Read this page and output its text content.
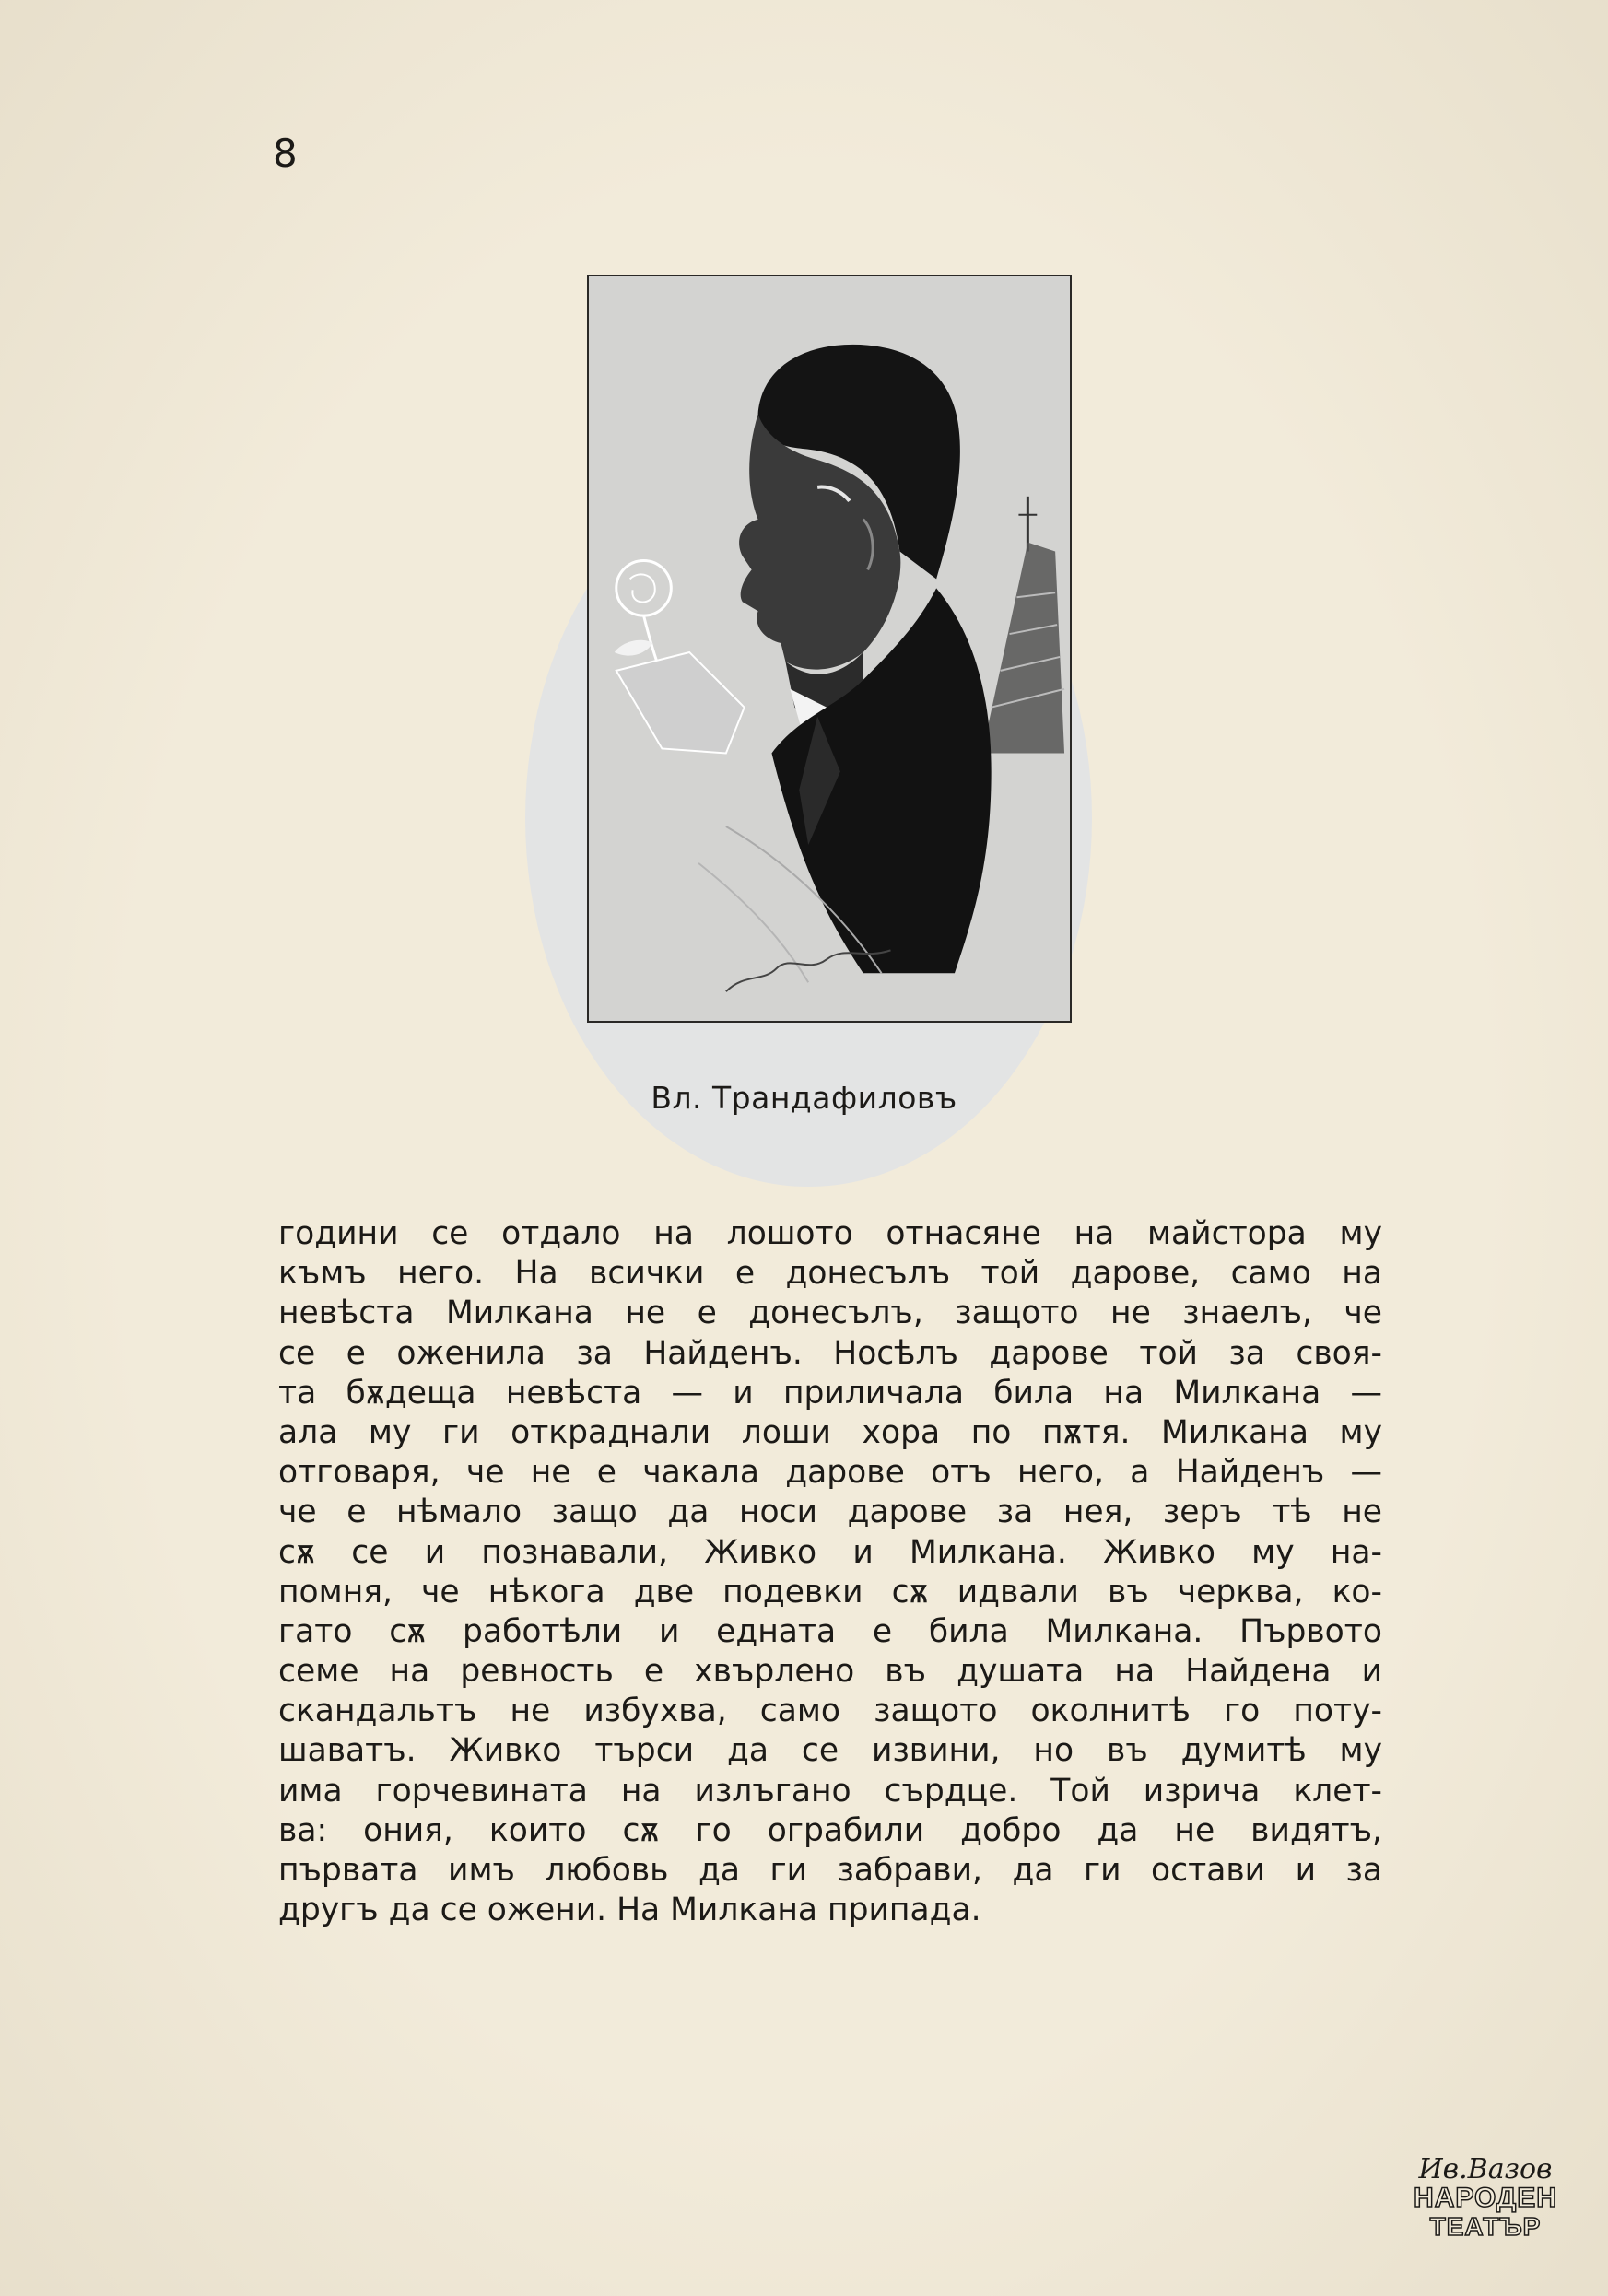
8
Вл. Трандафиловъ
години се отдало на лошото отнасяне на майстора му
къмъ него. На всички е донесълъ той дарове, само на
невѣста Милкана не е донесълъ, защото не знаелъ, че
се е оженила за Найденъ. Носѣлъ дарове той за своя-
та бѫдеща невѣста — и приличала била на Милкана —
ала му ги откраднали лоши хора по пѫтя. Милкана му
отговаря, че не е чакала дарове отъ него, а Найденъ —
че е нѣмало защо да носи дарове за нея, зеръ тѣ не
сѫ се и познавали, Живко и Милкана. Живко му на-
помня, че нѣкога две подевки сѫ идвали въ черква, ко-
гато сѫ работѣли и едната е била Милкана. Първото
семе на ревность е хвърлено въ душата на Найдена и
скандальтъ не избухва, само защото околнитѣ го поту-
шаватъ. Живко търси да се извини, но въ думитѣ му
има горчевината на излъгано сърдце. Той изрича клет-
ва: ония, които сѫ го ограбили добро да не видятъ,
първата имъ любовь да ги забрави, да ги остави и за
другъ да се ожени. На Милкана припада.
Ив.Вазов
НАРОДЕН
ТЕАТЪР
